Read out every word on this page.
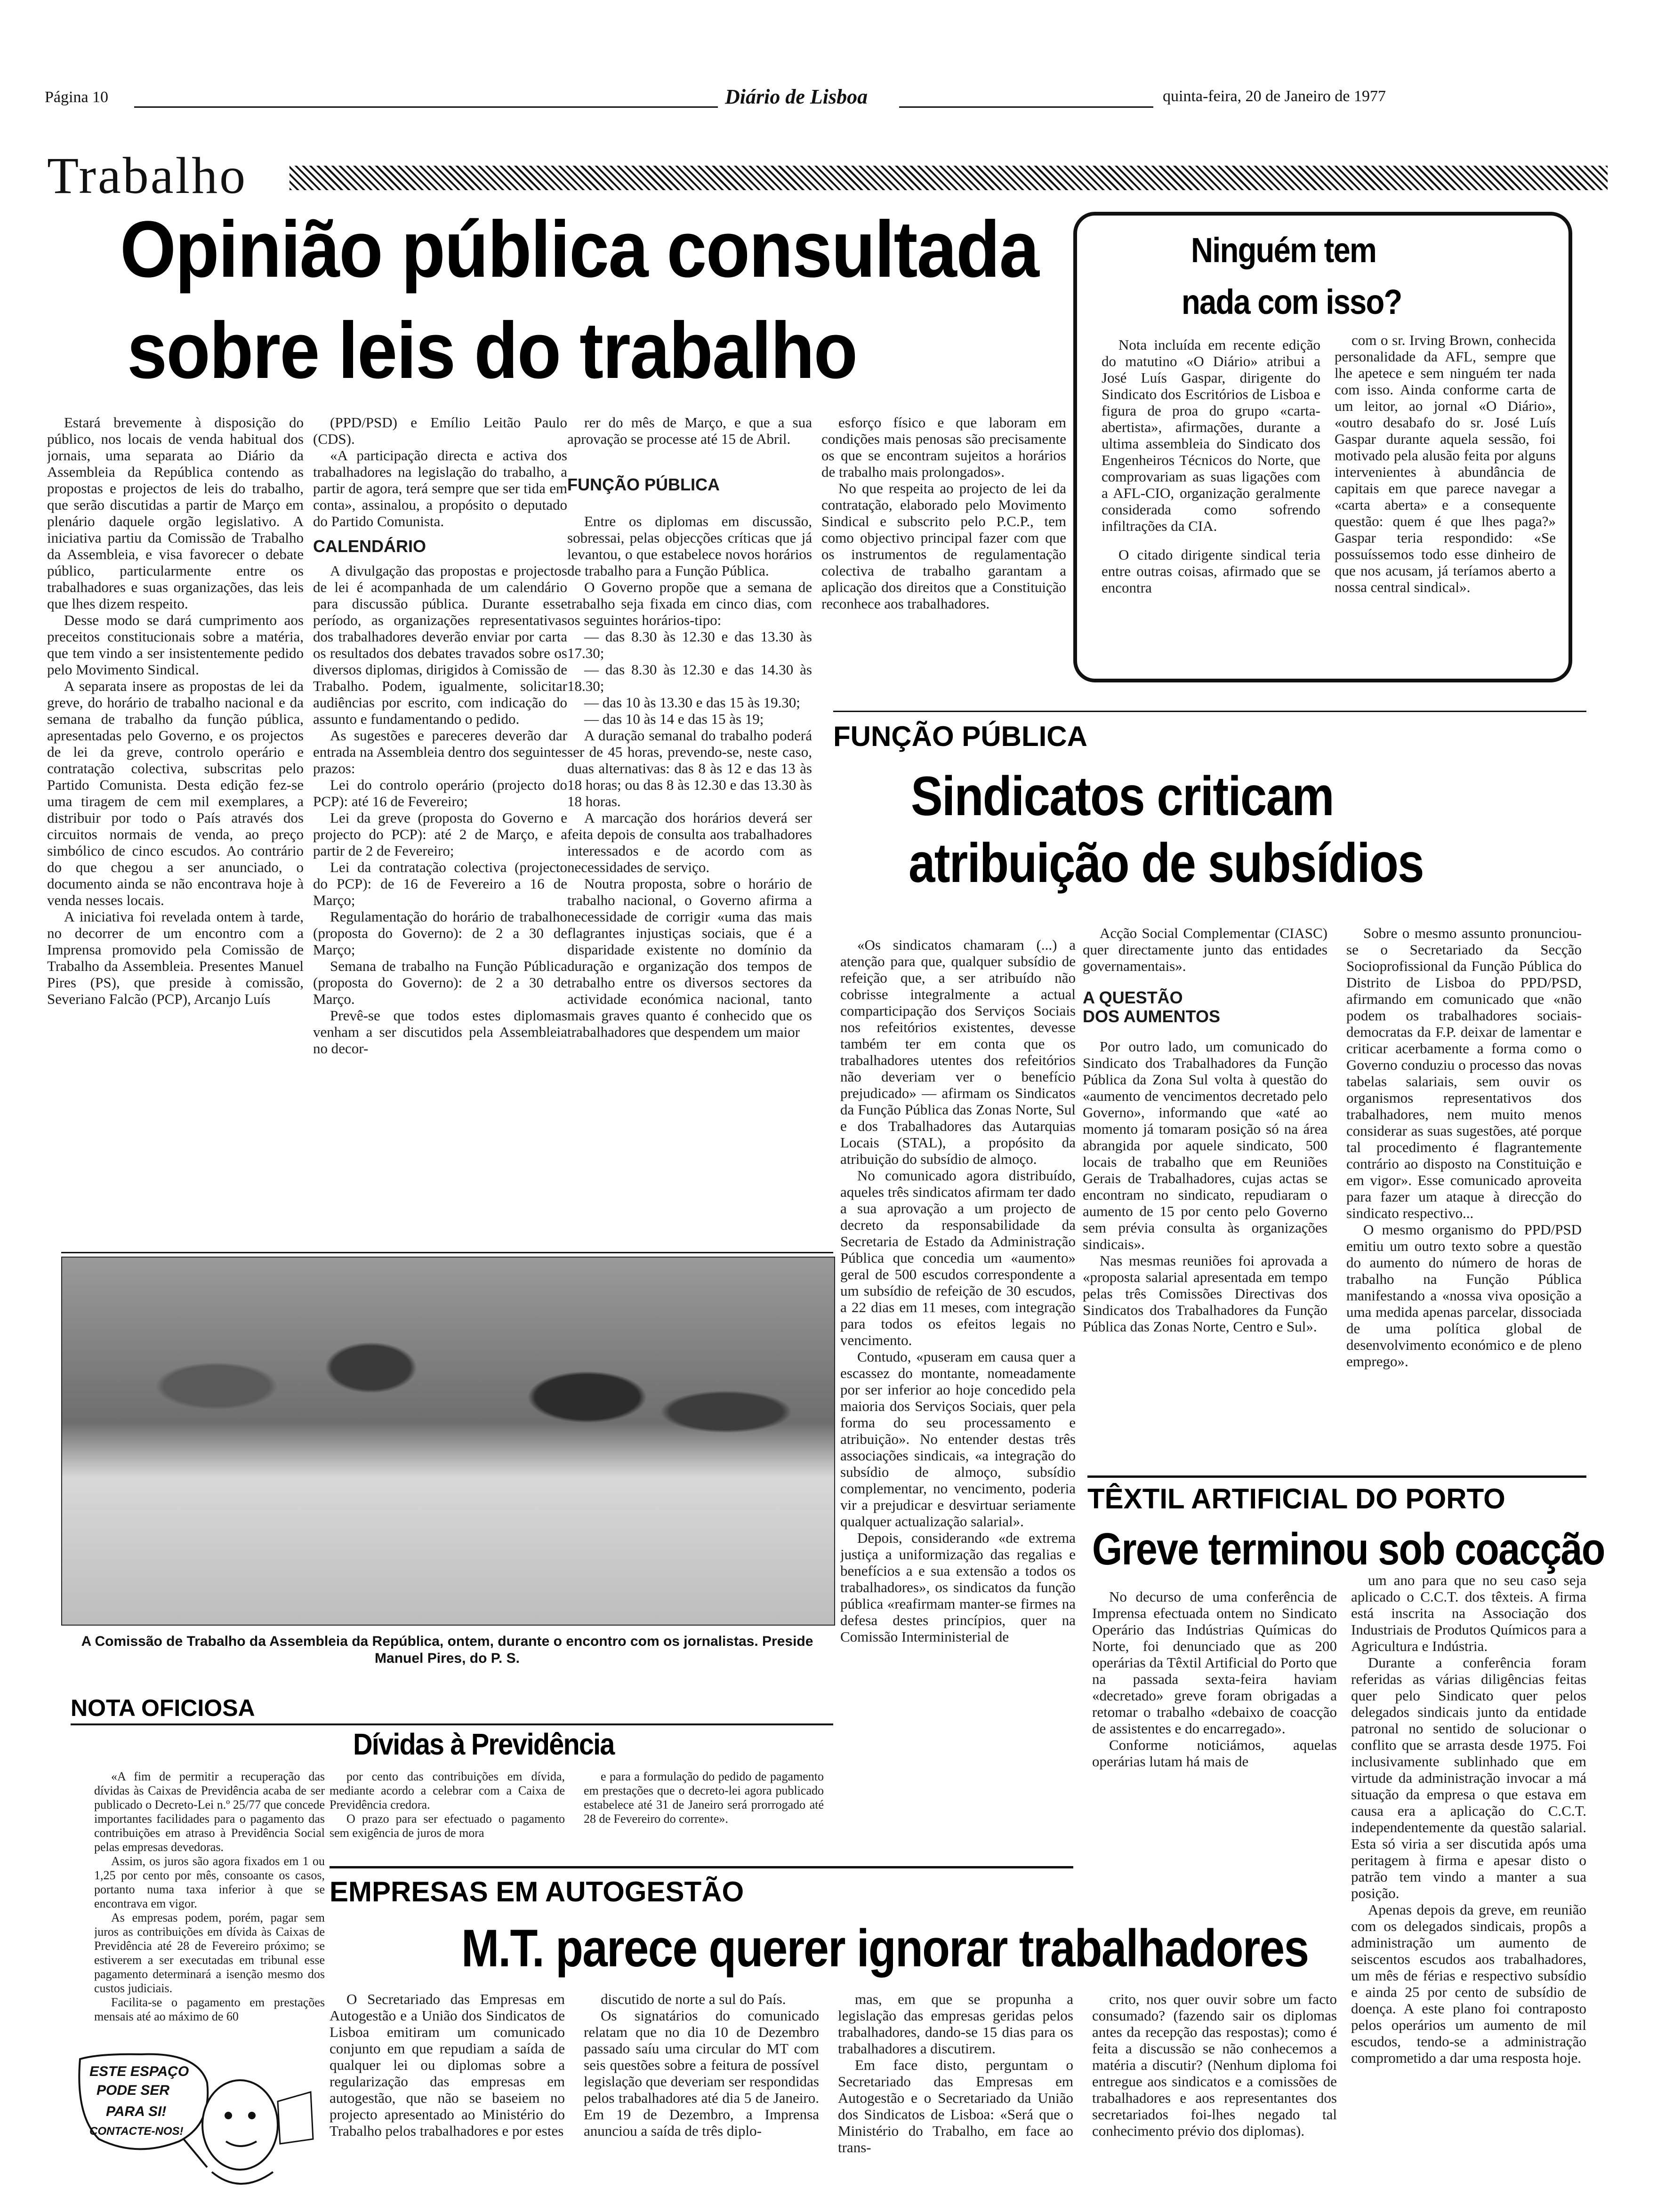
Página 10	Diário de Lisboa	quinta-feira, 20 de Janeiro de 1977
Trabalho
Opinião pública consultada
sobre leis do trabalho

Estará brevemente à disposição do público, nos locais de venda habitual dos jornais, uma separata ao Diário da Assembleia da República contendo as propostas e projectos de leis do trabalho, que serão discutidas a partir de Março em plenário daquele orgão legislativo. A iniciativa partiu da Comissão de Trabalho da Assembleia, e visa favorecer o debate público, particularmente entre os trabalhadores e suas organizações, das leis que lhes dizem respeito.

Desse modo se dará cumprimento aos preceitos constitucionais sobre a matéria, que tem vindo a ser insistentemente pedido pelo Movimento Sindical.

A separata insere as propostas de lei da greve, do horário de trabalho nacional e da semana de trabalho da função pública, apresentadas pelo Governo, e os projectos de lei da greve, controlo operário e contratação colectiva, subscritas pelo Partido Comunista. Desta edição fez-se uma tiragem de cem mil exemplares, a distribuir por todo o País através dos circuitos normais de venda, ao preço simbólico de cinco escudos. Ao contrário do que chegou a ser anunciado, o documento ainda se não encontrava hoje à venda nesses locais.

A iniciativa foi revelada ontem à tarde, no decorrer de um encontro com a Imprensa promovido pela Comissão de Trabalho da Assembleia. Presentes Manuel Pires (PS), que preside à comissão, Severiano Falcão (PCP), Arcanjo Luís

(PPD/PSD) e Emílio Leitão Paulo (CDS).

«A participação directa e activa dos trabalhadores na legislação do trabalho, a partir de agora, terá sempre que ser tida em conta», assinalou, a propósito o deputado do Partido Comunista.

CALENDÁRIO

A divulgação das propostas e projectos de lei é acompanhada de um calendário para discussão pública. Durante esse período, as organizações representativas dos trabalhadores deverão enviar por carta os resultados dos debates travados sobre os diversos diplomas, dirigidos à Comissão de Trabalho. Podem, igualmente, solicitar audiências por escrito, com indicação do assunto e fundamentando o pedido.

As sugestões e pareceres deverão dar entrada na Assembleia dentro dos seguintes prazos:

Lei do controlo operário (projecto do PCP): até 16 de Fevereiro;

Lei da greve (proposta do Governo e projecto do PCP): até 2 de Março, e a partir de 2 de Fevereiro;

Lei da contratação colectiva (projecto do PCP): de 16 de Fevereiro a 16 de Março;

Regulamentação do horário de trabalho (proposta do Governo): de 2 a 30 de Março;

Semana de trabalho na Função Pública (proposta do Governo): de 2 a 30 de Março.

Prevê-se que todos estes diplomas venham a ser discutidos pela Assembleia no decor-

rer do mês de Março, e que a sua aprovação se processe até 15 de Abril.

FUNÇÃO PÚBLICA

Entre os diplomas em discussão, sobressai, pelas objecções críticas que já levantou, o que estabelece novos horários de trabalho para a Função Pública.

O Governo propõe que a semana de trabalho seja fixada em cinco dias, com os seguintes horários-tipo:

— das 8.30 às 12.30 e das 13.30 às 17.30;

— das 8.30 às 12.30 e das 14.30 às 18.30;

— das 10 às 13.30 e das 15 às 19.30;

— das 10 às 14 e das 15 às 19;

A duração semanal do trabalho poderá ser de 45 horas, prevendo-se, neste caso, duas alternativas: das 8 às 12 e das 13 às 18 horas; ou das 8 às 12.30 e das 13.30 às 18 horas.

A marcação dos horários deverá ser feita depois de consulta aos trabalhadores interessados e de acordo com as necessidades de serviço.

Noutra proposta, sobre o horário de trabalho nacional, o Governo afirma a necessidade de corrigir «uma das mais flagrantes injustiças sociais, que é a disparidade existente no domínio da duração e organização dos tempos de trabalho entre os diversos sectores da actividade económica nacional, tanto mais graves quanto é conhecido que os trabalhadores que despendem um maior

esforço físico e que laboram em condições mais penosas são precisamente os que se encontram sujeitos a horários de trabalho mais prolongados».

No que respeita ao projecto de lei da contratação, elaborado pelo Movimento Sindical e subscrito pelo P.C.P., tem como objectivo principal fazer com que os instrumentos de regulamentação colectiva de trabalho garantam a aplicação dos direitos que a Constituição reconhece aos trabalhadores.

Ninguém tem
nada com isso?

Nota incluída em recente edição do matutino «O Diário» atribui a José Luís Gaspar, dirigente do Sindicato dos Escritórios de Lisboa e figura de proa do grupo «carta-abertista», afirmações, durante a ultima assembleia do Sindicato dos Engenheiros Técnicos do Norte, que comprovariam as suas ligações com a AFL-CIO, organização geralmente considerada como sofrendo infiltrações da CIA.

O citado dirigente sindical teria entre outras coisas, afirmado que se encontra

com o sr. Irving Brown, conhecida personalidade da AFL, sempre que lhe apetece e sem ninguém ter nada com isso. Ainda conforme carta de um leitor, ao jornal «O Diário», «outro desabafo do sr. José Luís Gaspar durante aquela sessão, foi motivado pela alusão feita por alguns intervenientes à abundância de capitais em que parece navegar a «carta aberta» e a consequente questão: quem é que lhes paga?» Gaspar teria respondido: «Se possuíssemos todo esse dinheiro de que nos acusam, já teríamos aberto a nossa central sindical».

FUNÇÃO PÚBLICA
Sindicatos criticam
atribuição de subsídios

«Os sindicatos chamaram (...) a atenção para que, qualquer subsídio de refeição que, a ser atribuído não cobrisse integralmente a actual comparticipação dos Serviços Sociais nos refeitórios existentes, devesse também ter em conta que os trabalhadores utentes dos refeitórios não deveriam ver o benefício prejudicado» — afirmam os Sindicatos da Função Pública das Zonas Norte, Sul e dos Trabalhadores das Autarquias Locais (STAL), a propósito da atribuição do subsídio de almoço.

No comunicado agora distribuído, aqueles três sindicatos afirmam ter dado a sua aprovação a um projecto de decreto da responsabilidade da Secretaria de Estado da Administração Pública que concedia um «aumento» geral de 500 escudos correspondente a um subsídio de refeição de 30 escudos, a 22 dias em 11 meses, com integração para todos os efeitos legais no vencimento.

Contudo, «puseram em causa quer a escassez do montante, nomeadamente por ser inferior ao hoje concedido pela maioria dos Serviços Sociais, quer pela forma do seu processamento e atribuição». No entender destas três associações sindicais, «a integração do subsídio de almoço, subsídio complementar, no vencimento, poderia vir a prejudicar e desvirtuar seriamente qualquer actualização salarial».

Depois, considerando «de extrema justiça a uniformização das regalias e benefícios a e sua extensão a todos os trabalhadores», os sindicatos da função pública «reafirmam manter-se firmes na defesa destes princípios, quer na Comissão Interministerial de

Acção Social Complementar (CIASC) quer directamente junto das entidades governamentais».

A QUESTÃO
DOS AUMENTOS

Por outro lado, um comunicado do Sindicato dos Trabalhadores da Função Pública da Zona Sul volta à questão do «aumento de vencimentos decretado pelo Governo», informando que «até ao momento já tomaram posição só na área abrangida por aquele sindicato, 500 locais de trabalho que em Reuniões Gerais de Trabalhadores, cujas actas se encontram no sindicato, repudiaram o aumento de 15 por cento pelo Governo sem prévia consulta às organizações sindicais».

Nas mesmas reuniões foi aprovada a «proposta salarial apresentada em tempo pelas três Comissões Directivas dos Sindicatos dos Trabalhadores da Função Pública das Zonas Norte, Centro e Sul».

Sobre o mesmo assunto pronunciou-se o Secretariado da Secção Socioprofissional da Função Pública do Distrito de Lisboa do PPD/PSD, afirmando em comunicado que «não podem os trabalhadores sociais-democratas da F.P. deixar de lamentar e criticar acerbamente a forma como o Governo conduziu o processo das novas tabelas salariais, sem ouvir os organismos representativos dos trabalhadores, nem muito menos considerar as suas sugestões, até porque tal procedimento é flagrantemente contrário ao disposto na Constituição e em vigor». Esse comunicado aproveita para fazer um ataque à direcção do sindicato respectivo...

O mesmo organismo do PPD/PSD emitiu um outro texto sobre a questão do aumento do número de horas de trabalho na Função Pública manifestando a «nossa viva oposição a uma medida apenas parcelar, dissociada de uma política global de desenvolvimento económico e de pleno emprego».

A Comissão de Trabalho da Assembleia da República, ontem, durante o encontro com os jornalistas. Preside Manuel Pires, do P. S.
TÊXTIL ARTIFICIAL DO PORTO
Greve terminou sob coacção

No decurso de uma conferência de Imprensa efectuada ontem no Sindicato Operário das Indústrias Químicas do Norte, foi denunciado que as 200 operárias da Têxtil Artificial do Porto que na passada sexta-feira haviam «decretado» greve foram obrigadas a retomar o trabalho «debaixo de coacção de assistentes e do encarregado».

Conforme noticiámos, aquelas operárias lutam há mais de

um ano para que no seu caso seja aplicado o C.C.T. dos têxteis. A firma está inscrita na Associação dos Industriais de Produtos Químicos para a Agricultura e Indústria.

Durante a conferência foram referidas as várias diligências feitas quer pelo Sindicato quer pelos delegados sindicais junto da entidade patronal no sentido de solucionar o conflito que se arrasta desde 1975. Foi inclusivamente sublinhado que em virtude da administração invocar a má situação da empresa o que estava em causa era a aplicação do C.C.T. independentemente da questão salarial. Esta só viria a ser discutida após uma peritagem à firma e apesar disto o patrão tem vindo a manter a sua posição.

Apenas depois da greve, em reunião com os delegados sindicais, propôs a administração um aumento de seiscentos escudos aos trabalhadores, um mês de férias e respectivo subsídio e ainda 25 por cento de subsídio de doença. A este plano foi contraposto pelos operários um aumento de mil escudos, tendo-se a administração comprometido a dar uma resposta hoje.

NOTA OFICIOSA
Dívidas à Previdência

«A fim de permitir a recuperação das dívidas às Caixas de Previdência acaba de ser publicado o Decreto-Lei n.º 25/77 que concede importantes facilidades para o pagamento das contribuições em atraso à Previdência Social pelas empresas devedoras.

Assim, os juros são agora fixados em 1 ou 1,25 por cento por mês, consoante os casos, portanto numa taxa inferior à que se encontrava em vigor.

As empresas podem, porém, pagar sem juros as contribuições em dívida às Caixas de Previdência até 28 de Fevereiro próximo; se estiverem a ser executadas em tribunal esse pagamento determinará a isenção mesmo dos custos judiciais.

Facilita-se o pagamento em prestações mensais até ao máximo de 60

por cento das contribuições em dívida, mediante acordo a celebrar com a Caixa de Previdência credora.

O prazo para ser efectuado o pagamento sem exigência de juros de mora

e para a formulação do pedido de pagamento em prestações que o decreto-lei agora publicado estabelece até 31 de Janeiro será prorrogado até 28 de Fevereiro do corrente».

EMPRESAS EM AUTOGESTÃO
M.T. parece querer ignorar trabalhadores

O Secretariado das Empresas em Autogestão e a União dos Sindicatos de Lisboa emitiram um comunicado conjunto em que repudiam a saída de qualquer lei ou diplomas sobre a regularização das empresas em autogestão, que não se baseiem no projecto apresentado ao Ministério do Trabalho pelos trabalhadores e por estes

discutido de norte a sul do País.

Os signatários do comunicado relatam que no dia 10 de Dezembro passado saíu uma circular do MT com seis questões sobre a feitura de possível legislação que deveriam ser respondidas pelos trabalhadores até dia 5 de Janeiro. Em 19 de Dezembro, a Imprensa anunciou a saída de três diplo-

mas, em que se propunha a legislação das empresas geridas pelos trabalhadores, dando-se 15 dias para os trabalhadores a discutirem.

Em face disto, perguntam o Secretariado das Empresas em Autogestão e o Secretariado da União dos Sindicatos de Lisboa: «Será que o Ministério do Trabalho, em face ao trans-

crito, nos quer ouvir sobre um facto consumado? (fazendo sair os diplomas antes da recepção das respostas); como é feita a discussão se não conhecemos a matéria a discutir? (Nenhum diploma foi entregue aos sindicatos e a comissões de trabalhadores e aos representantes dos secretariados foi-lhes negado tal conhecimento prévio dos diplomas).

ESTE ESPAÇO
PODE SER
PARA SI!
CONTACTE-NOS!
